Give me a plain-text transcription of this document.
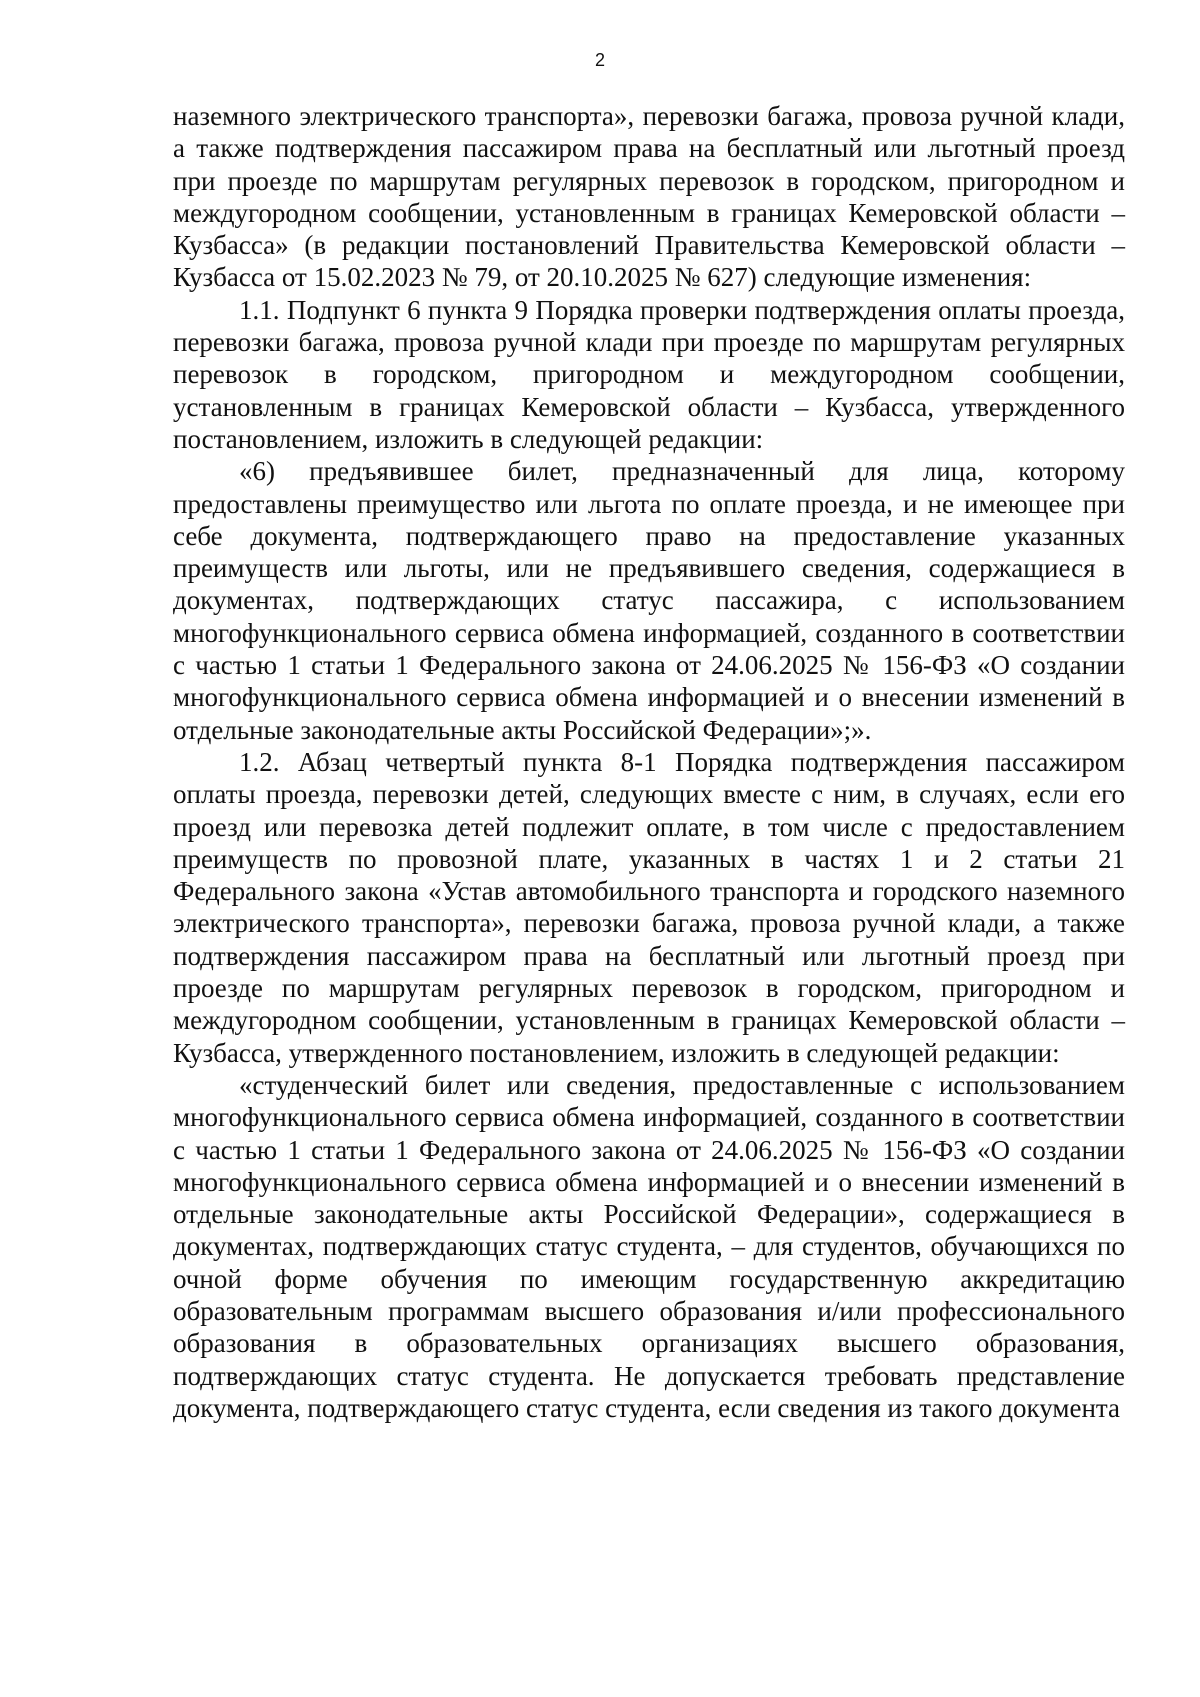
2

наземного электрического транспорта», перевозки багажа, провоза ручной клади, а также подтверждения пассажиром права на бесплатный или льготный проезд при проезде по маршрутам регулярных перевозок в городском, пригородном и междугородном сообщении, установленным в границах Кемеровской области – Кузбасса» (в редакции постановлений Правительства Кемеровской области – Кузбасса от 15.02.2023 № 79, от 20.10.2025 № 627) следующие изменения:

1.1. Подпункт 6 пункта 9 Порядка проверки подтверждения оплаты проезда, перевозки багажа, провоза ручной клади при проезде по маршрутам регулярных перевозок в городском, пригородном и междугородном сообщении, установленным в границах Кемеровской области – Кузбасса, утвержденного постановлением, изложить в следующей редакции:

«6) предъявившее билет, предназначенный для лица, которому предоставлены преимущество или льгота по оплате проезда, и не имеющее при себе документа, подтверждающего право на предоставление указанных преимуществ или льготы, или не предъявившего сведения, содержащиеся в документах, подтверждающих статус пассажира, с использованием многофункционального сервиса обмена информацией, созданного в соответствии с частью 1 статьи 1 Федерального закона от 24.06.2025 № 156-ФЗ «О создании многофункционального сервиса обмена информацией и о внесении изменений в отдельные законодательные акты Российской Федерации»;».

1.2. Абзац четвертый пункта 8-1 Порядка подтверждения пассажиром оплаты проезда, перевозки детей, следующих вместе с ним, в случаях, если его проезд или перевозка детей подлежит оплате, в том числе с предоставлением преимуществ по провозной плате, указанных в частях 1 и 2 статьи 21 Федерального закона «Устав автомобильного транспорта и городского наземного электрического транспорта», перевозки багажа, провоза ручной клади, а также подтверждения пассажиром права на бесплатный или льготный проезд при проезде по маршрутам регулярных перевозок в городском, пригородном и междугородном сообщении, установленным в границах Кемеровской области – Кузбасса, утвержденного постановлением, изложить в следующей редакции:

«студенческий билет или сведения, предоставленные с использованием многофункционального сервиса обмена информацией, созданного в соответствии с частью 1 статьи 1 Федерального закона от 24.06.2025 № 156-ФЗ «О создании многофункционального сервиса обмена информацией и о внесении изменений в отдельные законодательные акты Российской Федерации», содержащиеся в документах, подтверждающих статус студента, – для студентов, обучающихся по очной форме обучения по имеющим государственную аккредитацию образовательным программам высшего образования и/или профессионального образования в образовательных организациях высшего образования, подтверждающих статус студента. Не допускается требовать представление документа, подтверждающего статус студента, если сведения из такого документа
